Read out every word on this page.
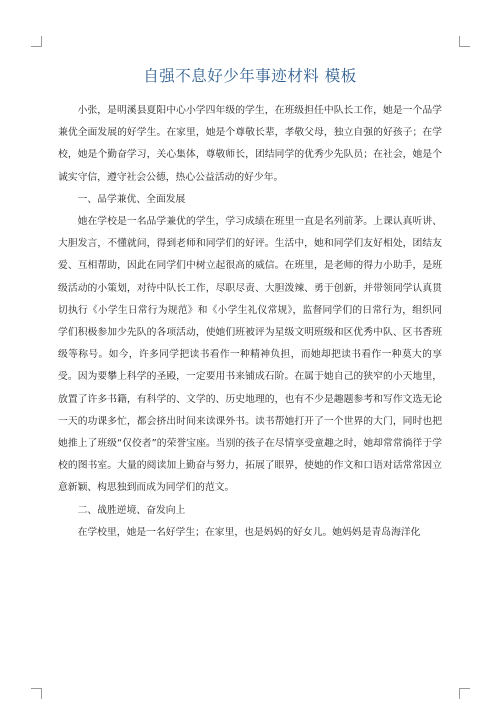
自强不息好少年事迹材料 模板

小张，是明溪县夏阳中心小学四年级的学生，在班级担任中队长工作，她是一个品学兼优全面发展的好学生。在家里，她是个尊敬长辈，孝敬父母，独立自强的好孩子；在学校，她是个勤奋学习，关心集体，尊敬师长，团结同学的优秀少先队员；在社会，她是个诚实守信，遵守社会公德，热心公益活动的好少年。

一、品学兼优、全面发展

她在学校是一名品学兼优的学生，学习成绩在班里一直是名列前茅。上课认真听讲、大胆发言，不懂就问，得到老师和同学们的好评。生活中，她和同学们友好相处，团结友爱、互相帮助，因此在同学们中树立起很高的威信。在班里，是老师的得力小助手，是班级活动的小策划，对待中队长工作，尽职尽责、大胆泼辣、勇于创新，并带领同学认真贯切执行《小学生日常行为规范》和《小学生礼仪常规》，监督同学们的日常行为，组织同学们积极参加少先队的各项活动，使她们班被评为星级文明班级和区优秀中队、区书香班级等称号。如今，许多同学把读书看作一种精神负担，而她却把读书看作一种莫大的享受。因为要攀上科学的圣殿，一定要用书来铺成石阶。在属于她自己的狭窄的小天地里，放置了许多书籍，有科学的、文学的、历史地理的，也有不少是趣题参考和写作文选无论一天的功课多忙，都会挤出时间来读课外书。读书帮她打开了一个世界的大门，同时也把她推上了班级“仅佼者”的荣誉宝座。当别的孩子在尽情享受童趣之时，她却常常徜徉于学校的图书室。大量的阅读加上勤奋与努力，拓展了眼界，使她的作文和口语对话常常因立意新颖、构思独到而成为同学们的范文。

二、战胜逆境、奋发向上

在学校里，她是一名好学生；在家里，也是妈妈的好女儿。她妈妈是青岛海洋化
